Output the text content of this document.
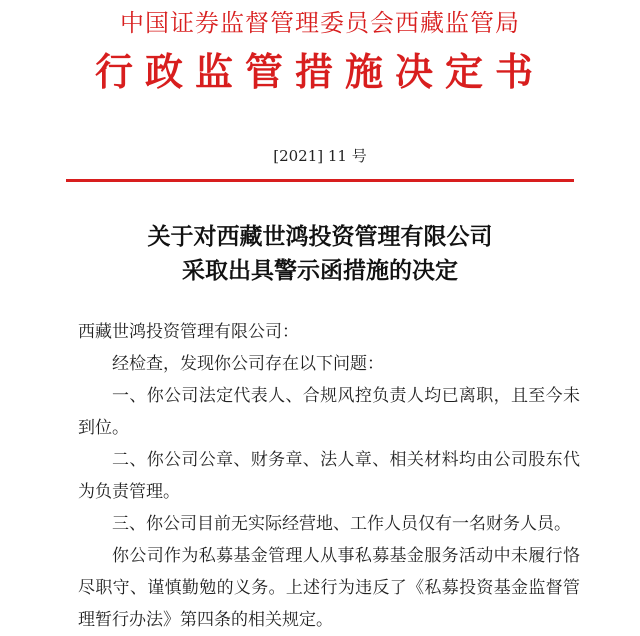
中国证券监督管理委员会西藏监管局
行政监管措施决定书
[2021] 11 号
关于对西藏世鸿投资管理有限公司
采取出具警示函措施的决定

西藏世鸿投资管理有限公司：

经检查，发现你公司存在以下问题：

一、你公司法定代表人、合规风控负责人均已离职，且至今未到位。

二、你公司公章、财务章、法人章、相关材料均由公司股东代为负责管理。

三、你公司目前无实际经营地、工作人员仅有一名财务人员。

你公司作为私募基金管理人从事私募基金服务活动中未履行恪尽职守、谨慎勤勉的义务。上述行为违反了《私募投资基金监督管理暂行办法》第四条的相关规定。
